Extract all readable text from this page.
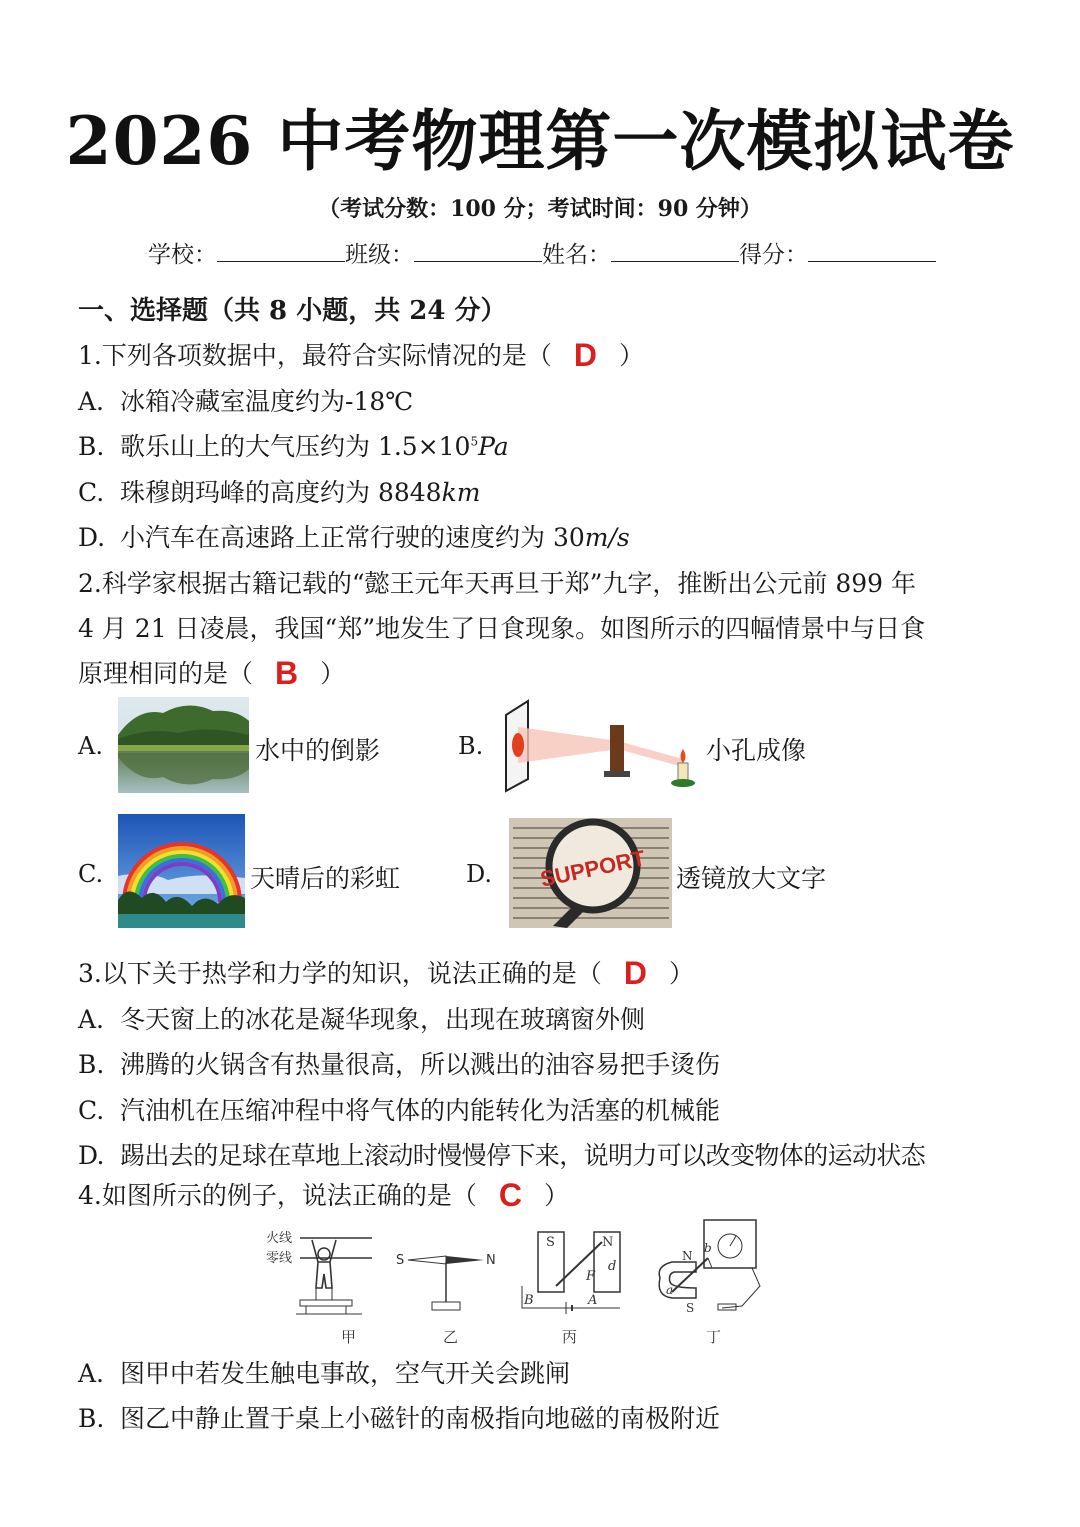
2026 中考物理第一次模拟试卷
（考试分数：100 分；考试时间：90 分钟）
学校：	班级：	姓名：	得分：
一、选择题（共 8 小题，共 24 分）
1.下列各项数据中，最符合实际情况的是（ D ）
A. 冰箱冷藏室温度约为-18℃
B. 歌乐山上的大气压约为 $1.5\times 10^5Pa$
C. 珠穆朗玛峰的高度约为 8848km
D. 小汽车在高速路上正常行驶的速度约为 30m/s
2.科学家根据古籍记载的“懿王元年天再旦于郑”九字，推断出公元前 899 年
4 月 21 日凌晨，我国“郑”地发生了日食现象。如图所示的四幅情景中与日食
原理相同的是（ B ）
A.	水中的倒影	B.	小孔成像
C.	天晴后的彩虹	D. SUPPORT 透镜放大文字
3.以下关于热学和力学的知识，说法正确的是（ D ）
A. 冬天窗上的冰花是凝华现象，出现在玻璃窗外侧
B. 沸腾的火锅含有热量很高，所以溅出的油容易把手烫伤
C. 汽油机在压缩冲程中将气体的内能转化为活塞的机械能
D. 踢出去的足球在草地上滚动时慢慢停下来，说明力可以改变物体的运动状态
4.如图所示的例子，说法正确的是（ C ）
火线
零线
甲
S	N
乙
S	N
F
d
B	A
丙
N
S
a
b
丁
A. 图甲中若发生触电事故，空气开关会跳闸
B. 图乙中静止置于桌上小磁针的南极指向地磁的南极附近
